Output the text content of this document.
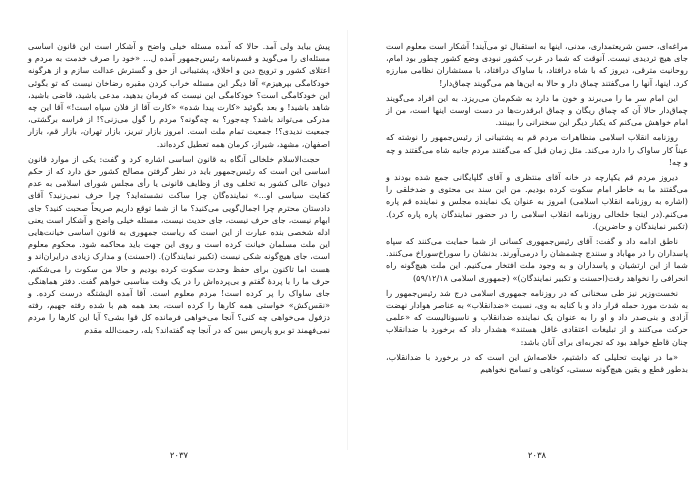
پیش بیاید ولی آمد. حالا که آمده مسئله خیلی واضح و آشکار است این قانون اساسی مسئله‌ای را می‌گوید و قسم‌نامه رئیس‌جمهور آمده ل... «خود را صرف خدمت به مردم و اعتلای کشور و ترویج دین و اخلاق، پشتیبانی از حق و گسترش عدالت سازم و از هرگونه خودکامگی بپرهیزم» آقا دیگر این مسئله خراب کردن مقبره رضاخان نیست که تو بگوئی این خودکامگی است؟ خودکامگی این نیست که فرمان بدهید، مدعی باشید، قاضی باشید، شاهد باشید! و بعد بگوئید «کارت پیدا شده» «کارت آقا از فلان سپاه است!» آقا این چه مدرکی می‌تواند باشد؟ چه‌جور؟ به چه‌گونه؟ مردم را گول می‌زنی؟! از فراسه برگشتی، جمعیت ندیدی؟! جمعیت تمام ملت است. امروز بازار تبریز، بازار تهران، بازار قم، بازار اصفهان، مشهد، شیراز، کرمان همه تعطیل کرده‌اند.

حجت‌الاسلام خلخالی آنگاه به قانون اساسی اشاره کرد و گفت: یکی از موارد قانون اساسی این است که رئیس‌جمهور باید در نظر گرفتن مصالح کشور حق دارد که از حکم دیوان عالی کشور به تخلف وی از وظایف قانونی یا رأی مجلس شورای اسلامی به عدم کفایت سیاسی او...» نماینده‌گان چرا ساکت نشسته‌اید؟ چرا حرف نمی‌زنید؟ آقای دادستان محترم چرا اجمال‌گویی می‌کنید؟ ما از شما توقع داریم صریحاً صحبت کنید؟ جای ابهام نیست، جای حرف نیست، جای حدیث نیست، مسئله خیلی واضح و آشکار است یعنی ادله شخصی بنده عبارت از این است که ریاست جمهوری به قانون اساسی خیانت‌هایی این ملت مسلمان خیانت کرده است و روی این جهت باید محاکمه شود. محکوم معلوم است، جای هیچ‌گونه شکی نیست (تکبیر نمایندگان). (احسنت) و مدارک زیادی درایران‌اند و هست اما تاکنون برای حفظ وحدت سکوت کرده بودیم و حالا من سکوت را می‌شکنم. حرف ما را با پردۀ گفتم و بی‌پرده‌اش را در یک وقت مناسبی خواهم گفت. دفتر هماهنگی جای ساواک را پر کرده است! مردم معلوم است. آقا آمده الیشتگه درست کرده. و «نقس‌کش» خواستی همه کارها را کرده است، بعد همه هم با شده رفته جهیم، رفته دزفول می‌خواهی چه کنی؟ آنجا می‌خواهی فرمانده کل قوا بشی؟ آیا این کارها را مردم نمی‌فهمند تو برو پاریس ببین که در آنجا چه گفته‌اند؟ بله، رحمت‌الله مقدم

۲۰۳۷

مراغه‌ای، حسن شریعتمداری، مدنی، اینها به استقبال تو می‌آیند! آشکار است معلوم است جای هیچ تردیدی نیست. آنوقت که شما در غرب کشور نبودی وضع کشور چطور بود امام، روحانیت مترقی، دیروز که با شاه درافتاد، با ساواک درافتاد، با مستشاران نظامی مبارزه کرد. اینها، آنها را می‌گفتند چماق دار و حالا به این‌ها هم می‌گویند چماق‌دار!

این امام سر ما را می‌برند و خون ما دارد به شکم‌مان می‌ریزد. به این افراد می‌گویند چماق‌دار حالا آن که چماق ریگان و چماق ابرقدرت‌ها در دست اوست اینها است، من از امام خواهش می‌کنم که یکبار دیگر این سخنرانی را ببینند.

روزنامه انقلاب اسلامی منظاهرات مردم قم به پشتیبانی از رئیس‌جمهور را نوشته که عیناً کار ساواک را دارد می‌کند. مثل زمان قبل که می‌گفتند مردم جانبه شاه می‌گفتند و چه و چه!

دیروز مردم قم یکپارچه در خانه آقای منتظری و آقای گلپایگانی جمع شده بودند و می‌گفتند ما به خاطر امام سکوت کرده بودیم. من این سند بی محتوی و ضدخلقی را (اشاره به روزنامه انقلاب اسلامی) امروز به عنوان یک نماینده مجلس و نماینده قم پاره می‌کنم.(در اینجا خلخالی روزنامه انقلاب اسلامی را در حضور نمایندگان پاره پاره کرد). (تکبیر نمایندگان و حاضرین).

ناطق ادامه داد و گفت: آقای رئیس‌جمهوری کسانی از شما حمایت می‌کنند که سپاه پاسداران را در مهاباد و سنندج چشمشان را درمی‌آورند. بدنشان را سوراخ‌سوراخ می‌کنند. شما از این ارتشیان و پاسداران و به وجود ملت افتخار می‌کنیم. این ملت هیچ‌گونه راه انحرافی را نخواهد رفت(احسنت و تکبیر نمایندگان)» (جمهوری اسلامی ۵۹/۱۲/۱۸)

نخست‌وزیر نیز طی سخنانی که در روزنامه جمهوری اسلامی درج شد رئیس‌جمهور را به شدت مورد حمله قرار داد و با کنایه به وی، نسبت «ضدانقلاب» به عناصر هوادار نهضت آزادی و بنی‌صدر داد و او را به عنوان یک نماینده ضدانقلاب و ناسیونالیست که «علمی حرکت می‌کنند و از تبلیغات اعتقادی غافل هستند» هشدار داد که برخورد با ضدانقلاب چنان قاطع خواهد بود که تجربه‌ای برای آنان باشد:

«ما در نهایت تحلیلی که داشتیم، خلاصه‌اش این است که در برخورد با ضدانقلاب، بدطور قطع و یقین هیچ‌گونه سستی، کوتاهی و تسامح نخواهیم

۲۰۳۸
